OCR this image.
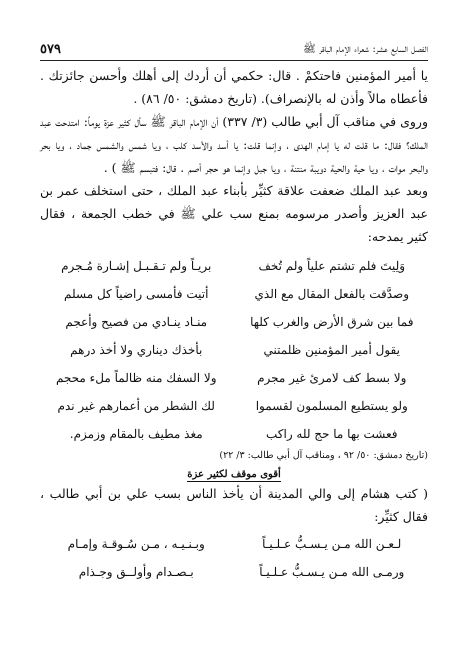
٥٧٩	الفصل السابع عشر: شعراء الإمام الباقر ﷺ

يا أمير المؤمنين فاحتكمْ . قال: حكمي أن أردك إلى أهلك وأحسن جائزتك . فأعطاه مالاً وأذن له بالإنصراف). (تاريخ دمشق: ٥٠/ ٨٦) .

وروى في مناقب آل أبي طالب (٣/ ٣٣٧) أن الإمام الباقر ﷺ سأل كثير عزة يوماً: امتدحت عبد الملك؟ فقال: ما قلت له يا إمام الهدى ، وإنما قلت: يا أسد والأسد كلب ، ويا شمس والشمس جماد ، ويا بحر والبحر موات ، ويا حية والحية دويبة منتنة ، ويا جبل وإنما هو حجر أصم . قال: فتبسم ﷺ ) .

وبعد عبد الملك ضعفت علاقة كثيِّر بأبناء عبد الملك ، حتى استخلف عمر بن عبد العزيز وأصدر مرسومه بمنع سب علي ﷺ في خطب الجمعة ، فقال كثير يمدحه:

وَلِيتَ فلم تشتم علياً ولم تُخف
بريـاً ولم تـقـبـل إشـارة مُـجرم
وصدَّقت بالفعل المقال مع الذي
أتيت فأمسى راضياً كل مسلم
فما بين شرق الأرض والغرب كلها
منـاد ينـادي من فصيح وأعجم
يقول أمير المؤمنين ظلمتني
بأخذك ديناري ولا أخذ درهم
ولا بسط كف لامرئ غير مجرم
ولا السفك منه ظالماً ملء محجم
ولو يستطيع المسلمون لقسموا
لك الشطر من أعمارهم غير ندم
فعشت بها ما حج لله راكب
مغذ مطيف بالمقام وزمزم.

(تاريخ دمشق: ٥٠/ ٩٢ ، ومناقب آل أبي طالب: ٣/ ٢٢)

أقوى موقف لكثير عزة

( كتب هشام إلى والي المدينة أن يأخذ الناس بسب علي بن أبي طالب ، فقال كثيِّر:

لـعـن الله مـن يـسـبُّ عـلـيـاً
وبـنـيـه ، مـن سُـوقـة وإمـام
ورمـى الله مـن يـسـبُّ عـلـيـاً
بـصـدام وأولــق وجـذام
